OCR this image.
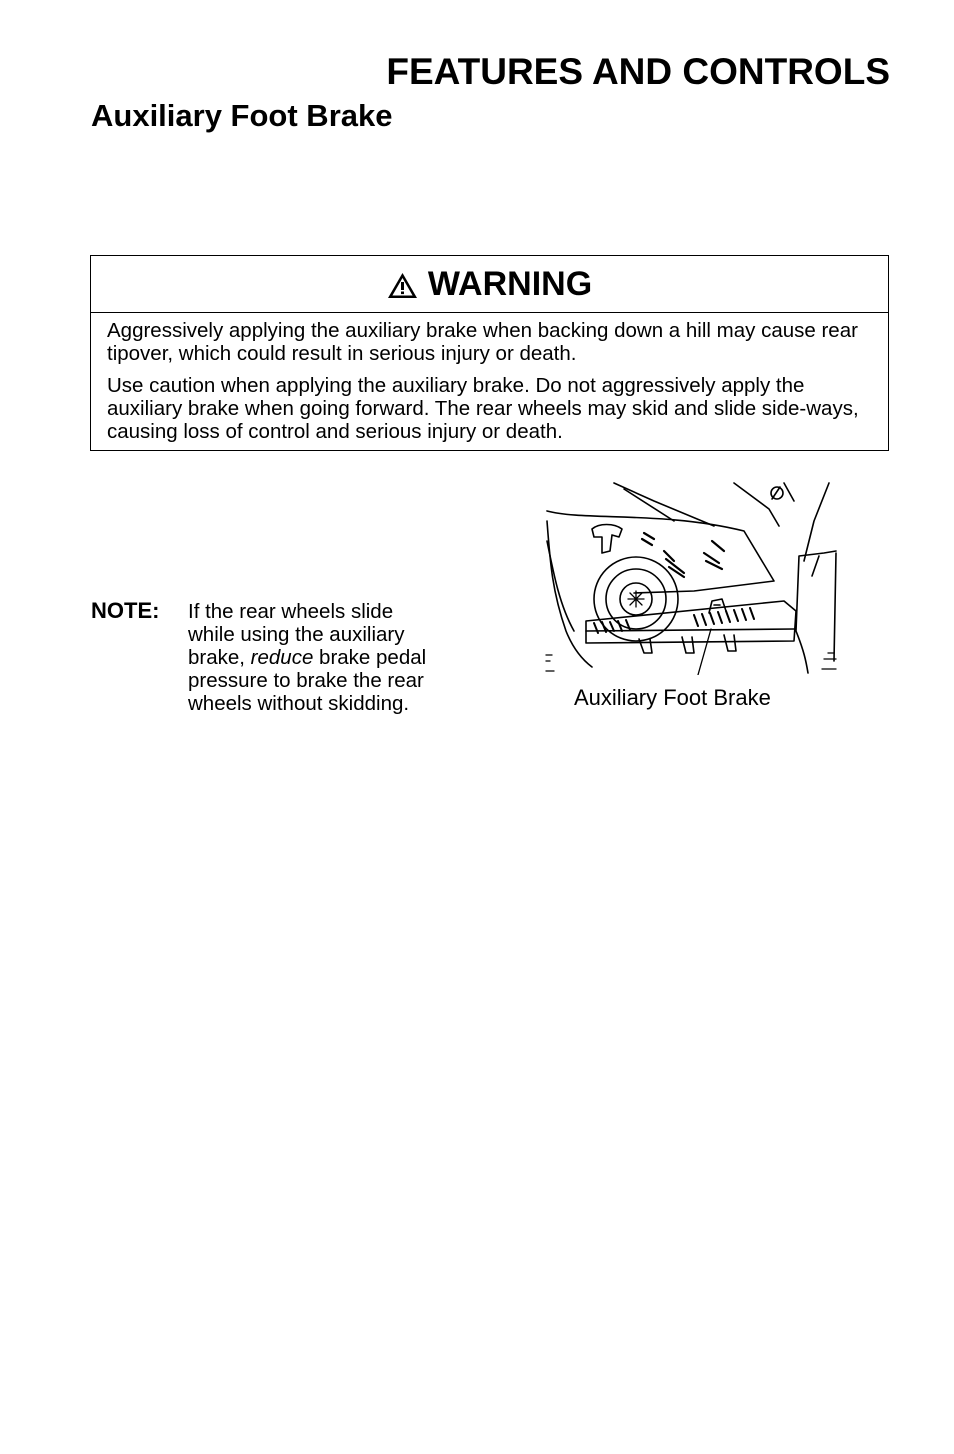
FEATURES AND CONTROLS
Auxiliary Foot Brake
WARNING

Aggressively applying the auxiliary brake when backing down a hill may cause rear tipover, which could result in serious injury or death.

Use caution when applying the auxiliary brake. Do not aggressively apply the auxiliary brake when going forward. The rear wheels may skid and slide side-ways, causing loss of control and serious injury or death.

NOTE: If the rear wheels slide while using the auxiliary brake, reduce brake pedal pressure to brake the rear wheels without skidding.	Auxiliary Foot Brake
